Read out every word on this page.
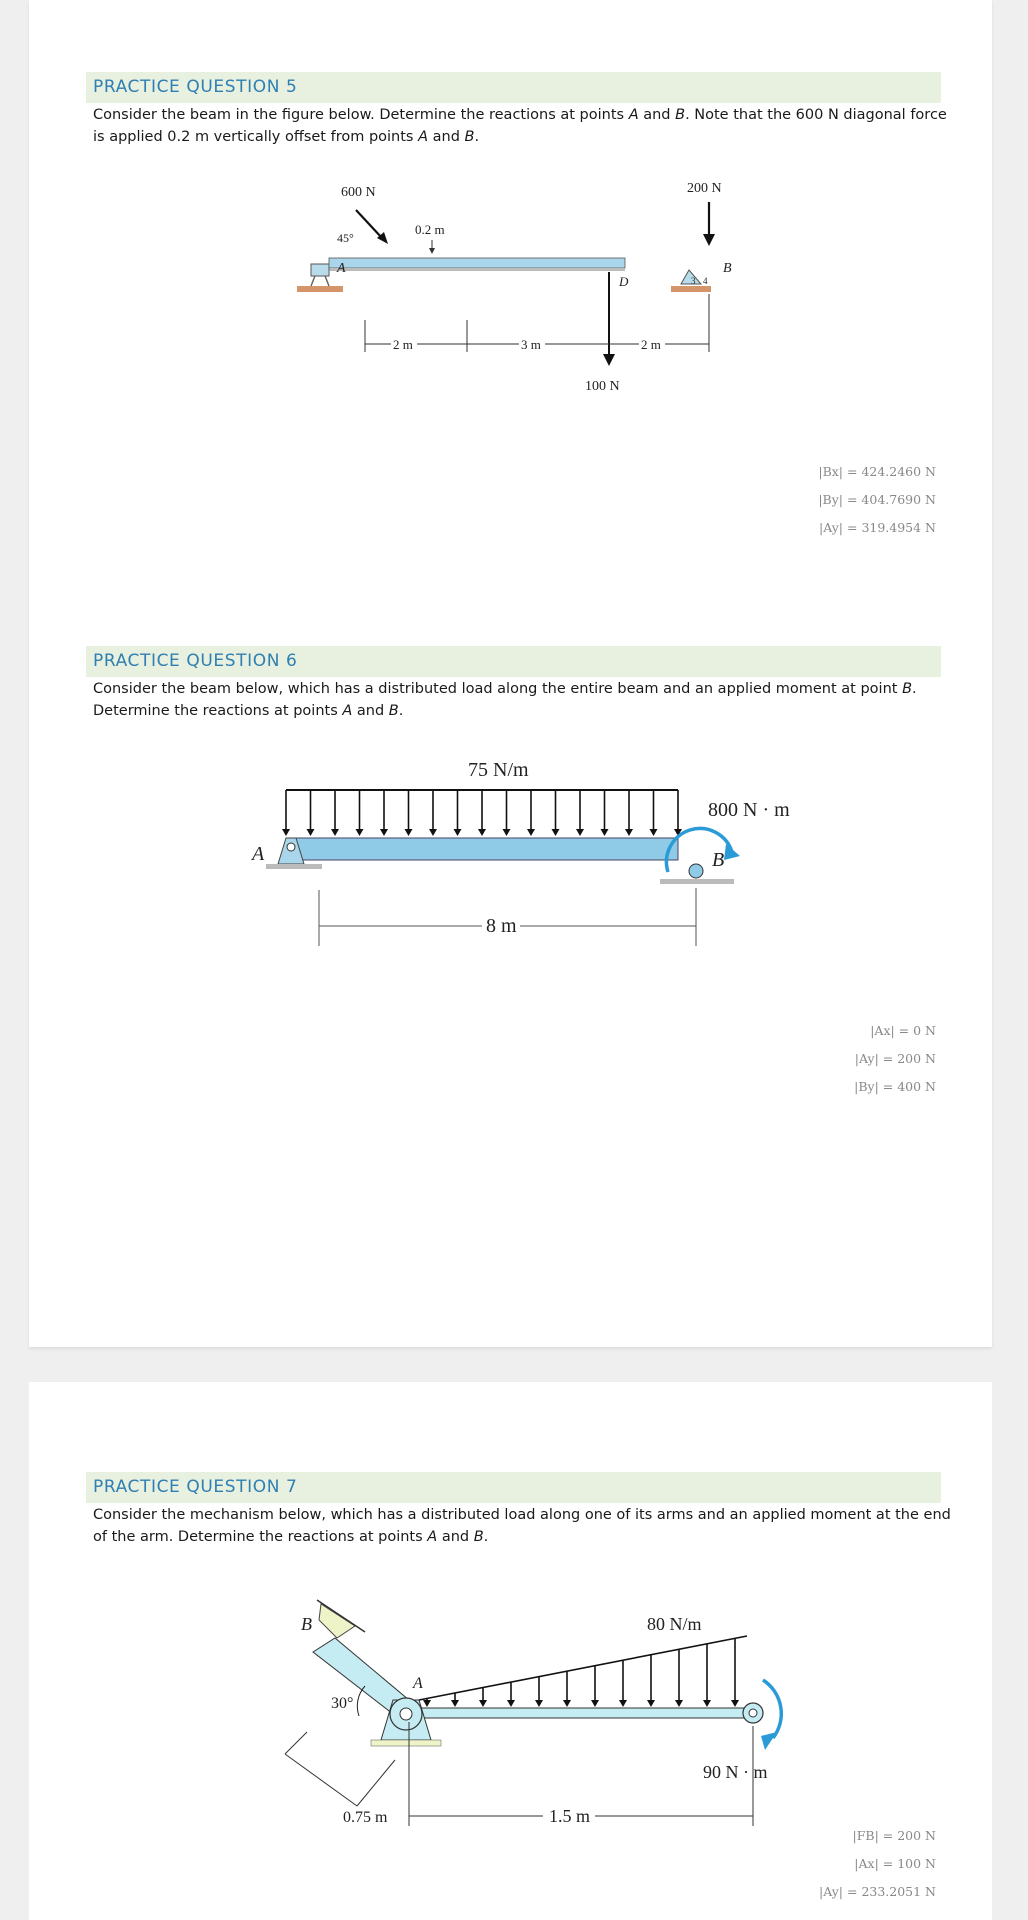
PRACTICE QUESTION 5
Consider the beam in the figure below. Determine the reactions at points A and B. Note that the 600 N diagonal force is applied 0.2 m vertically offset from points A and B.
600 N
45°
0.2 m
200 N
3 4
A	B
D
100 N
2 m	3 m	2 m
|Bx| = 424.2460 N
|By| = 404.7690 N
|Ay| = 319.4954 N
PRACTICE QUESTION 6
Consider the beam below, which has a distributed load along the entire beam and an applied moment at point B. Determine the reactions at points A and B.
75 N/m
A	B
800 N · m
8 m
|Ax| = 0 N
|Ay| = 200 N
|By| = 400 N
PRACTICE QUESTION 7
Consider the mechanism below, which has a distributed load along one of its arms and an applied moment at the end of the arm. Determine the reactions at points A and B.
B
30°
0.75 m
A
80 N/m
90 N · m
1.5 m
|FB| = 200 N
|Ax| = 100 N
|Ay| = 233.2051 N
